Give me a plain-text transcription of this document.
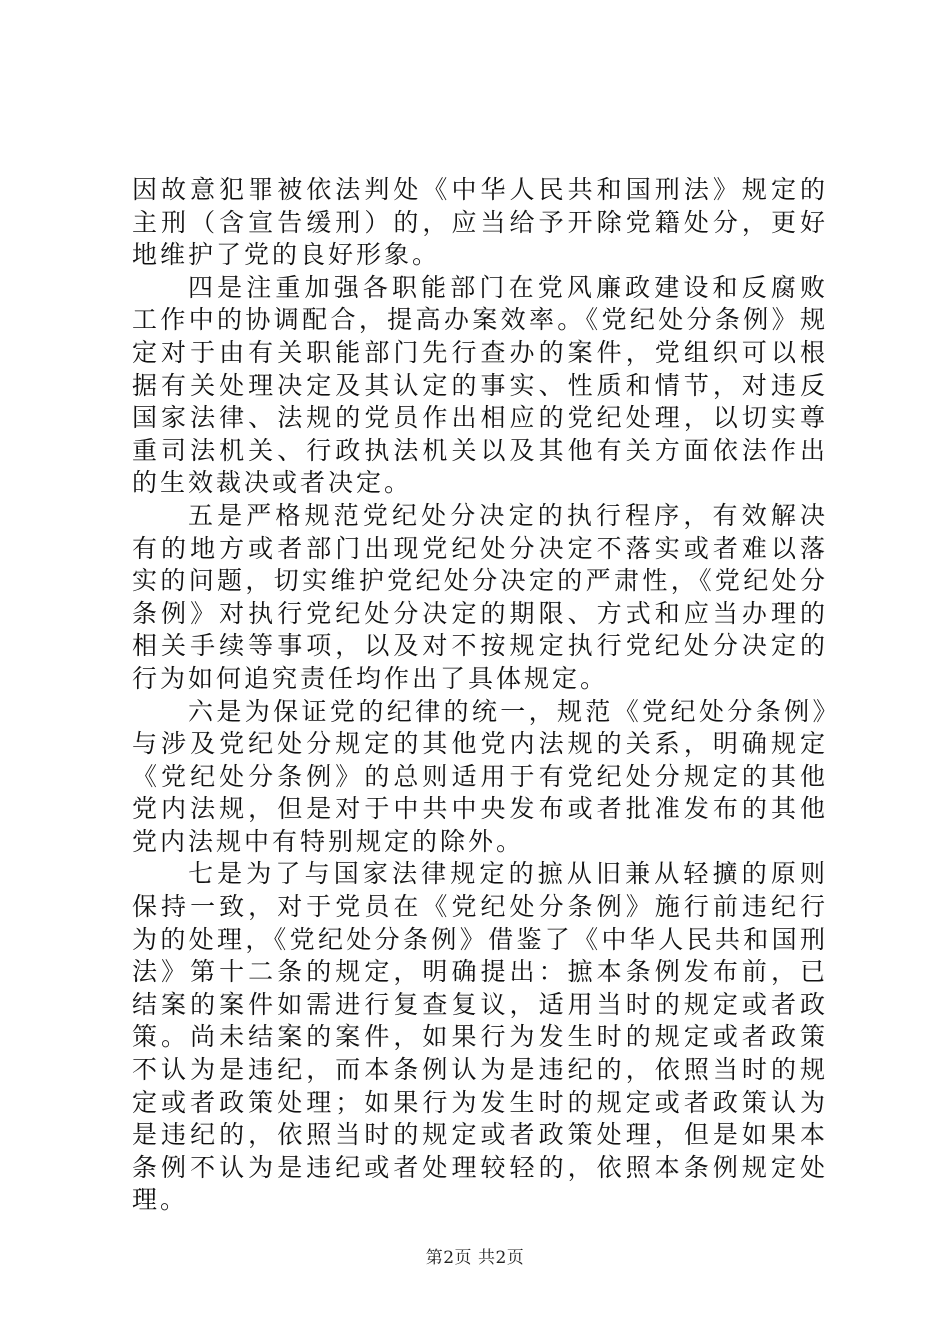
因故意犯罪被依法判处《中华人民共和国刑法》规定的主刑（含宣告缓刑）的，应当给予开除党籍处分，更好地维护了党的良好形象。

四是注重加强各职能部门在党风廉政建设和反腐败工作中的协调配合，提高办案效率。《党纪处分条例》规定对于由有关职能部门先行查办的案件，党组织可以根据有关处理决定及其认定的事实、性质和情节，对违反国家法律、法规的党员作出相应的党纪处理，以切实尊重司法机关、行政执法机关以及其他有关方面依法作出的生效裁决或者决定。

五是严格规范党纪处分决定的执行程序，有效解决有的地方或者部门出现党纪处分决定不落实或者难以落实的问题，切实维护党纪处分决定的严肃性，《党纪处分条例》对执行党纪处分决定的期限、方式和应当办理的相关手续等事项，以及对不按规定执行党纪处分决定的行为如何追究责任均作出了具体规定。

六是为保证党的纪律的统一，规范《党纪处分条例》与涉及党纪处分规定的其他党内法规的关系，明确规定《党纪处分条例》的总则适用于有党纪处分规定的其他党内法规，但是对于中共中央发布或者批准发布的其他党内法规中有特别规定的除外。

七是为了与国家法律规定的摭从旧兼从轻擴的原则保持一致，对于党员在《党纪处分条例》施行前违纪行为的处理，《党纪处分条例》借鉴了《中华人民共和国刑法》第十二条的规定，明确提出：摭本条例发布前，已结案的案件如需进行复查复议，适用当时的规定或者政策。尚未结案的案件，如果行为发生时的规定或者政策不认为是违纪，而本条例认为是违纪的，依照当时的规定或者政策处理；如果行为发生时的规定或者政策认为是违纪的，依照当时的规定或者政策处理，但是如果本条例不认为是违纪或者处理较轻的，依照本条例规定处理。

第2页 共2页
